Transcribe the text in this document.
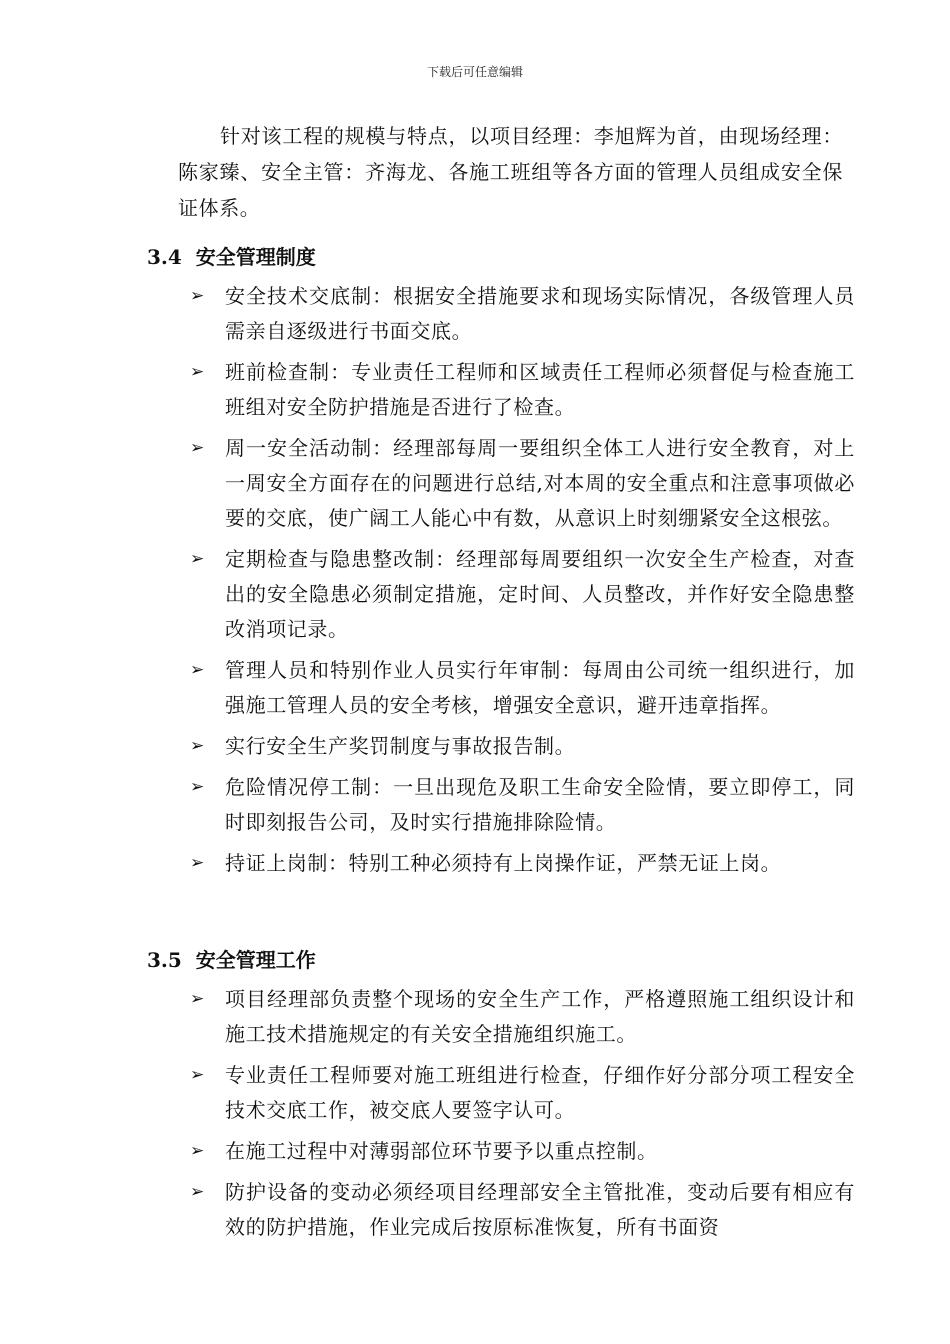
下载后可任意编辑

针对该工程的规模与特点，以项目经理：李旭辉为首，由现场经理：陈家臻、安全主管：齐海龙、各施工班组等各方面的管理人员组成安全保证体系。

3.4 安全管理制度
➢ 安全技术交底制：根据安全措施要求和现场实际情况，各级管理人员需亲自逐级进行书面交底。
➢ 班前检查制：专业责任工程师和区域责任工程师必须督促与检查施工班组对安全防护措施是否进行了检查。
➢ 周一安全活动制：经理部每周一要组织全体工人进行安全教育，对上一周安全方面存在的问题进行总结,对本周的安全重点和注意事项做必要的交底，使广阔工人能心中有数，从意识上时刻绷紧安全这根弦。
➢ 定期检查与隐患整改制：经理部每周要组织一次安全生产检查，对查出的安全隐患必须制定措施，定时间、人员整改，并作好安全隐患整改消项记录。
➢ 管理人员和特别作业人员实行年审制：每周由公司统一组织进行，加强施工管理人员的安全考核，增强安全意识，避开违章指挥。
➢ 实行安全生产奖罚制度与事故报告制。
➢ 危险情况停工制：一旦出现危及职工生命安全险情，要立即停工，同时即刻报告公司，及时实行措施排除险情。
➢ 持证上岗制：特别工种必须持有上岗操作证，严禁无证上岗。
3.5 安全管理工作
➢ 项目经理部负责整个现场的安全生产工作，严格遵照施工组织设计和施工技术措施规定的有关安全措施组织施工。
➢ 专业责任工程师要对施工班组进行检查，仔细作好分部分项工程安全技术交底工作，被交底人要签字认可。
➢ 在施工过程中对薄弱部位环节要予以重点控制。
➢ 防护设备的变动必须经项目经理部安全主管批准，变动后要有相应有效的防护措施，作业完成后按原标准恢复，所有书面资
